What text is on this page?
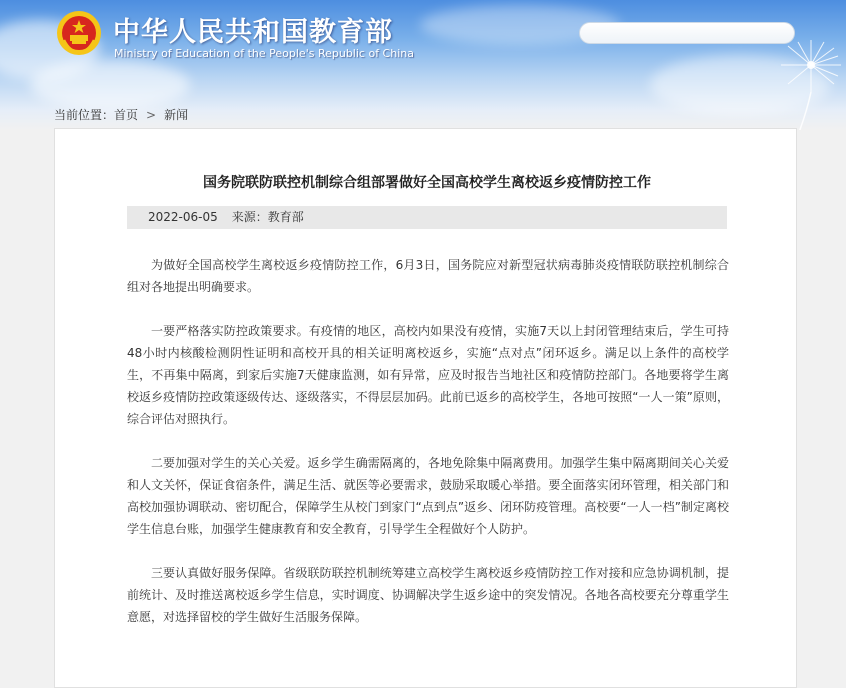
中华人民共和国教育部
Ministry of Education of the People's Republic of China
当前位置：首页 > 新闻
国务院联防联控机制综合组部署做好全国高校学生离校返乡疫情防控工作
2022-06-05 来源：教育部

为做好全国高校学生离校返乡疫情防控工作，6月3日，国务院应对新型冠状病毒肺炎疫情联防联控机制综合组对各地提出明确要求。

一要严格落实防控政策要求。有疫情的地区，高校内如果没有疫情，实施7天以上封闭管理结束后，学生可持48小时内核酸检测阴性证明和高校开具的相关证明离校返乡，实施“点对点”闭环返乡。满足以上条件的高校学生，不再集中隔离，到家后实施7天健康监测，如有异常，应及时报告当地社区和疫情防控部门。各地要将学生离校返乡疫情防控政策逐级传达、逐级落实，不得层层加码。此前已返乡的高校学生，各地可按照“一人一策”原则，综合评估对照执行。

二要加强对学生的关心关爱。返乡学生确需隔离的，各地免除集中隔离费用。加强学生集中隔离期间关心关爱和人文关怀，保证食宿条件，满足生活、就医等必要需求，鼓励采取暖心举措。要全面落实闭环管理，相关部门和高校加强协调联动、密切配合，保障学生从校门到家门“点到点”返乡、闭环防疫管理。高校要“一人一档”制定离校学生信息台账，加强学生健康教育和安全教育，引导学生全程做好个人防护。

三要认真做好服务保障。省级联防联控机制统筹建立高校学生离校返乡疫情防控工作对接和应急协调机制，提前统计、及时推送离校返乡学生信息，实时调度、协调解决学生返乡途中的突发情况。各地各高校要充分尊重学生意愿，对选择留校的学生做好生活服务保障。
